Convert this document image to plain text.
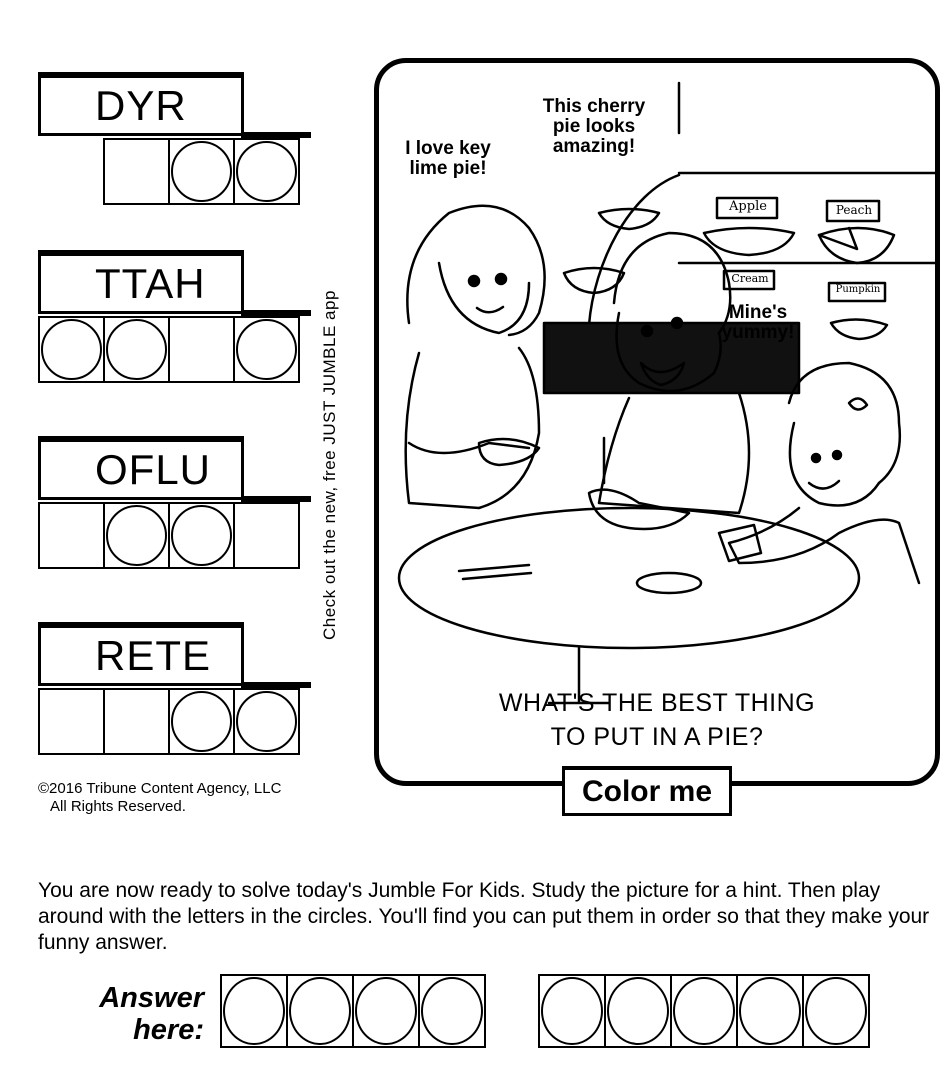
DYR
TTAH
OFLU
RETE
©2016 Tribune Content Agency, LLC
All Rights Reserved.
Check out the new, free JUST JUMBLE app
I love key lime pie!
This cherry pie looks amazing!
Mine's yummy!
Apple	Peach
Cream
Pumpkin
WHAT'S THE BEST THING
TO PUT IN A PIE?
Color me
You are now ready to solve today's Jumble For Kids. Study the picture for a hint. Then play around with the letters in the circles. You'll find you can put them in order so that they make your funny answer.
Answer
here:
